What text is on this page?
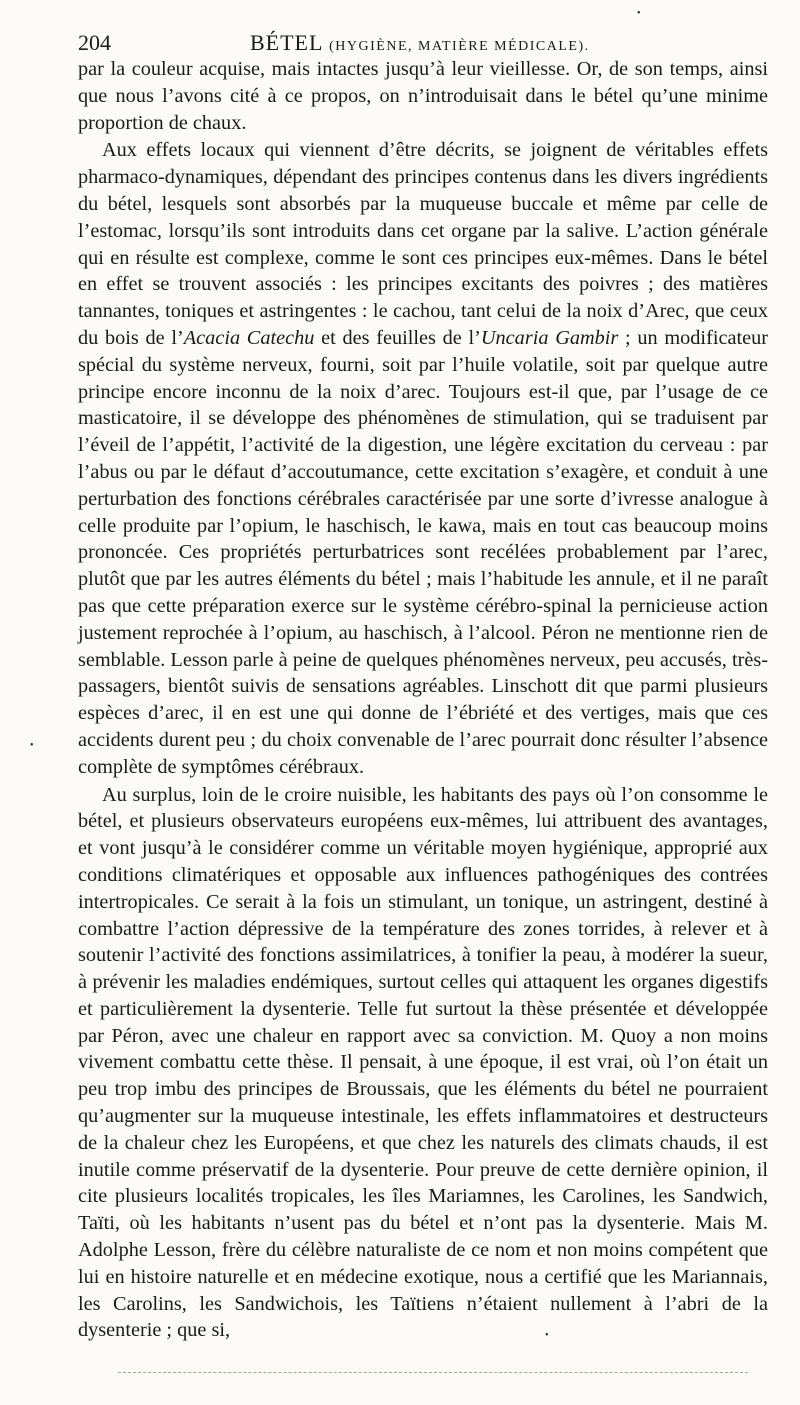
204	BÉTEL (HYGIÈNE, MATIÈRE MÉDICALE).

par la couleur acquise, mais intactes jusqu’à leur vieillesse. Or, de son temps, ainsi que nous l’avons cité à ce propos, on n’introduisait dans le bétel qu’une minime proportion de chaux.

Aux effets locaux qui viennent d’être décrits, se joignent de véritables effets pharmaco-dynamiques, dépendant des principes contenus dans les divers ingrédients du bétel, lesquels sont absorbés par la muqueuse buccale et même par celle de l’estomac, lorsqu’ils sont introduits dans cet organe par la salive. L’action générale qui en résulte est complexe, comme le sont ces principes eux-mêmes. Dans le bétel en effet se trouvent associés : les principes excitants des poivres ; des matières tannantes, toniques et astringentes : le cachou, tant celui de la noix d’Arec, que ceux du bois de l’Acacia Catechu et des feuilles de l’Uncaria Gambir ; un modificateur spécial du système nerveux, fourni, soit par l’huile volatile, soit par quelque autre principe encore inconnu de la noix d’arec. Toujours est-il que, par l’usage de ce masticatoire, il se développe des phénomènes de stimulation, qui se traduisent par l’éveil de l’appétit, l’activité de la digestion, une légère excitation du cerveau : par l’abus ou par le défaut d’accoutumance, cette excitation s’exagère, et conduit à une perturbation des fonctions cérébrales caractérisée par une sorte d’ivresse analogue à celle produite par l’opium, le haschisch, le kawa, mais en tout cas beaucoup moins prononcée. Ces propriétés perturbatrices sont recélées probablement par l’arec, plutôt que par les autres éléments du bétel ; mais l’habitude les annule, et il ne paraît pas que cette préparation exerce sur le système cérébro-spinal la pernicieuse action justement reprochée à l’opium, au haschisch, à l’alcool. Péron ne mentionne rien de semblable. Lesson parle à peine de quelques phénomènes nerveux, peu accusés, très-passagers, bientôt suivis de sensations agréables. Linschott dit que parmi plusieurs espèces d’arec, il en est une qui donne de l’ébriété et des vertiges, mais que ces accidents durent peu ; du choix convenable de l’arec pourrait donc résulter l’absence complète de symptômes cérébraux.

Au surplus, loin de le croire nuisible, les habitants des pays où l’on consomme le bétel, et plusieurs observateurs européens eux-mêmes, lui attribuent des avantages, et vont jusqu’à le considérer comme un véritable moyen hygiénique, approprié aux conditions climatériques et opposable aux influences pathogéniques des contrées intertropicales. Ce serait à la fois un stimulant, un tonique, un astringent, destiné à combattre l’action dépressive de la température des zones torrides, à relever et à soutenir l’activité des fonctions assimilatrices, à tonifier la peau, à modérer la sueur, à prévenir les maladies endémiques, surtout celles qui attaquent les organes digestifs et particulièrement la dysenterie. Telle fut surtout la thèse présentée et développée par Péron, avec une chaleur en rapport avec sa conviction. M. Quoy a non moins vivement combattu cette thèse. Il pensait, à une époque, il est vrai, où l’on était un peu trop imbu des principes de Broussais, que les éléments du bétel ne pourraient qu’augmenter sur la muqueuse intestinale, les effets inflammatoires et destructeurs de la chaleur chez les Européens, et que chez les naturels des climats chauds, il est inutile comme préservatif de la dysenterie. Pour preuve de cette dernière opinion, il cite plusieurs localités tropicales, les îles Mariamnes, les Carolines, les Sandwich, Taïti, où les habitants n’usent pas du bétel et n’ont pas la dysenterie. Mais M. Adolphe Lesson, frère du célèbre naturaliste de ce nom et non moins compétent que lui en histoire naturelle et en médecine exotique, nous a certifié que les Mariannais, les Carolins, les Sandwichois, les Taïtiens n’étaient nullement à l’abri de la dysenterie ; que si,

•
•
•
